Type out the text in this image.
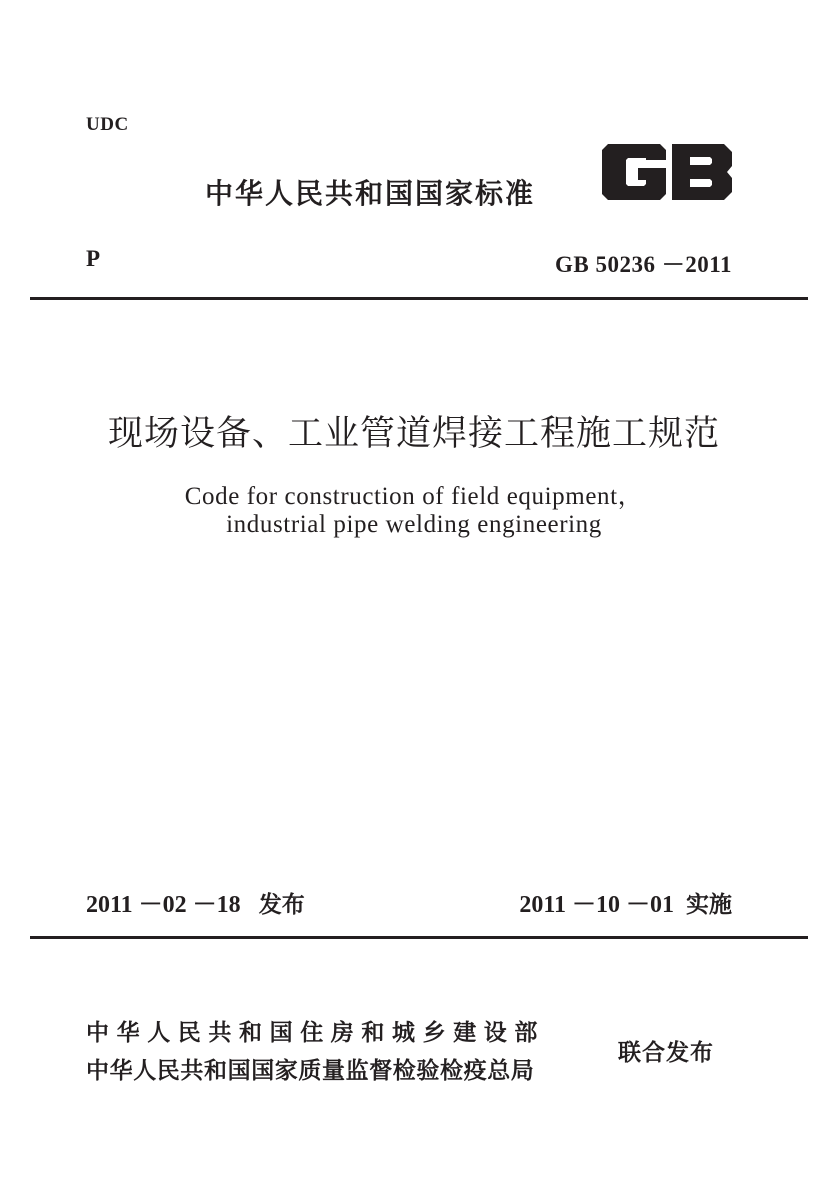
UDC
中华人民共和国国家标准
P	GB 50236 －2011
现场设备、工业管道焊接工程施工规范
Code for construction of field equipment，
industrial pipe welding engineering
2011 －02 －18 发布	2011 －10 －01 实施
中华人民共和国住房和城乡建设部
中华人民共和国国家质量监督检验检疫总局
联合发布
